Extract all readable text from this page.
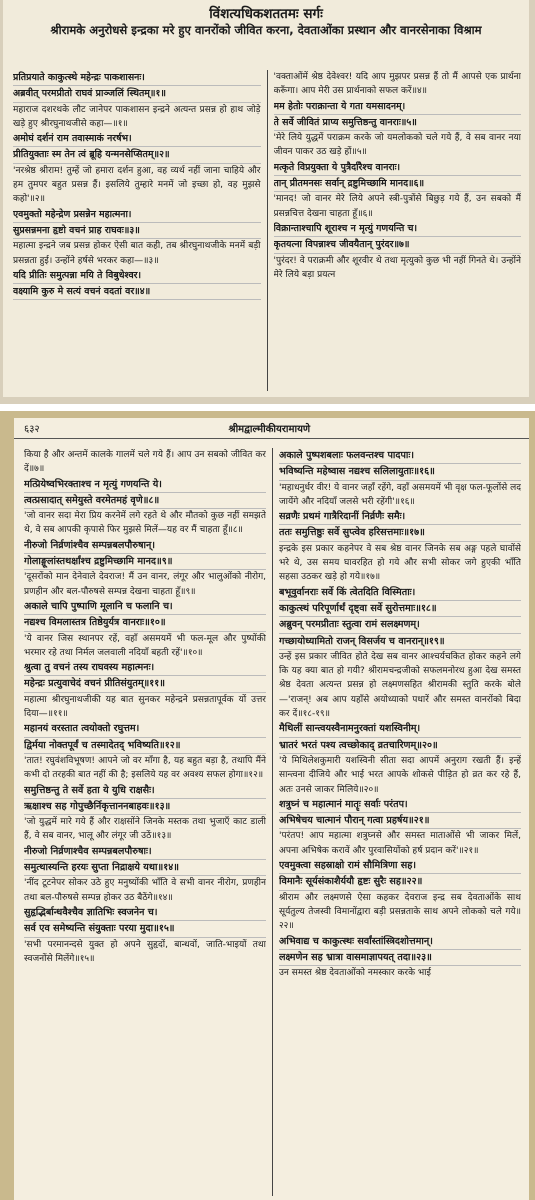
विंशत्यधिकशततमः सर्गः
श्रीरामके अनुरोधसे इन्द्रका मरे हुए वानरोंको जीवित करना, देवताओंका प्रस्थान और वानरसेनाका विश्राम

प्रतिप्रयाते काकुत्स्थे महेन्द्रः पाकशासनः।

अब्रवीत् परमप्रीतो राघवं प्राञ्जलिं स्थितम्॥१॥

महाराज दशरथके लौट जानेपर पाकशासन इन्द्रने अत्यन्त प्रसन्न हो हाथ जोड़े खड़े हुए श्रीरघुनाथजीसे कहा—॥१॥

अमोघं दर्शनं राम तवास्माकं नरर्षभ।

प्रीतियुक्ताः स्म तेन त्वं ब्रूहि यन्मनसेप्सितम्॥२॥

'नरश्रेष्ठ श्रीराम! तुम्हें जो हमारा दर्शन हुआ, वह व्यर्थ नहीं जाना चाहिये और हम तुमपर बहुत प्रसन्न हैं। इसलिये तुम्हारे मनमें जो इच्छा हो, वह मुझसे कहो'॥२॥

एवमुक्तो महेन्द्रेण प्रसन्नेन महात्मना।

सुप्रसन्नमना हृष्टो वचनं प्राह राघवः॥३॥

महात्मा इन्द्रने जब प्रसन्न होकर ऐसी बात कही, तब श्रीरघुनाथजीके मनमें बड़ी प्रसन्नता हुई। उन्होंने हर्षसे भरकर कहा—॥३॥

यदि प्रीतिः समुत्पन्ना मयि ते विबुधेश्वर।

वक्ष्यामि कुरु मे सत्यं वचनं वदतां वर॥४॥

'वक्ताओंमें श्रेष्ठ देवेश्वर! यदि आप मुझपर प्रसन्न हैं तो मैं आपसे एक प्रार्थना करूँगा। आप मेरी उस प्रार्थनाको सफल करें॥४॥

मम हेतोः पराक्रान्ता ये गता यमसादनम्।

ते सर्वे जीवितं प्राप्य समुत्तिष्ठन्तु वानराः॥५॥

'मेरे लिये युद्धमें पराक्रम करके जो यमलोकको चले गये हैं, वे सब वानर नया जीवन पाकर उठ खड़े हों॥५॥

मत्कृते विप्रयुक्ता ये पुत्रैर्दारैश्च वानराः।

तान् प्रीतमनसः सर्वान् द्रष्टुमिच्छामि मानद॥६॥

'मानद! जो वानर मेरे लिये अपने स्त्री-पुत्रोंसे बिछुड़ गये हैं, उन सबको मैं प्रसन्नचित्त देखना चाहता हूँ॥६॥

विक्रान्ताश्चापि शूराश्च न मृत्युं गणयन्ति च।

कृतयत्ना विपन्नाश्च जीवयैतान् पुरंदर॥७॥

'पुरंदर! वे पराक्रमी और शूरवीर थे तथा मृत्युको कुछ भी नहीं गिनते थे। उन्होंने मेरे लिये बड़ा प्रयत्न

६३२	श्रीमद्वाल्मीकीयरामायणे

किया है और अन्तमें कालके गालमें चले गये हैं। आप उन सबको जीवित कर दें॥७॥

मत्प्रियेष्वभिरक्ताश्च न मृत्युं गणयन्ति ये।

त्वत्प्रसादात् समेयुस्ते वरमेतमहं वृणे॥८॥

'जो वानर सदा मेरा प्रिय करनेमें लगे रहते थे और मौतको कुछ नहीं समझते थे, वे सब आपकी कृपासे फिर मुझसे मिलें—यह वर मैं चाहता हूँ॥८॥

नीरुजो निर्व्रणांश्चैव सम्पन्नबलपौरुषान्।

गोलाङ्गूलांस्तथर्क्षांश्च द्रष्टुमिच्छामि मानद॥९॥

'दूसरोंको मान देनेवाले देवराज! मैं उन वानर, लंगूर और भालुओंको नीरोग, प्रणहीन और बल-पौरुषसे सम्पन्न देखना चाहता हूँ॥९॥

अकाले चापि पुष्पाणि मूलानि च फलानि च।

नद्यश्च विमलास्तत्र तिष्ठेयुर्यत्र वानराः॥१०॥

'ये वानर जिस स्थानपर रहें, वहाँ असमयमें भी फल-मूल और पुष्पोंकी भरमार रहे तथा निर्मल जलवाली नदियाँ बहती रहें'॥१०॥

श्रुत्वा तु वचनं तस्य राघवस्य महात्मनः।

महेन्द्रः प्रत्युवाचेदं वचनं प्रीतिसंयुतम्॥११॥

महात्मा श्रीरघुनाथजीकी यह बात सुनकर महेन्द्रने प्रसन्नतापूर्वक यों उत्तर दिया—॥११॥

महानयं वरस्तात त्वयोक्तो रघुत्तम।

द्विर्मया नोक्तपूर्वं च तस्मादेतद् भविष्यति॥१२॥

'तात! रघुवंशविभूषण! आपने जो वर माँगा है, यह बहुत बड़ा है, तथापि मैंने कभी दो तरहकी बात नहीं की है; इसलिये यह वर अवश्य सफल होगा॥१२॥

समुत्तिष्ठन्तु ते सर्वे हता ये युधि राक्षसैः।

ऋक्षाश्च सह गोपुच्छैर्निकृत्ताननबाहवः॥१३॥

'जो युद्धमें मारे गये हैं और राक्षसोंने जिनके मस्तक तथा भुजाएँ काट डाली हैं, वे सब वानर, भालू और लंगूर जी उठें॥१३॥

नीरुजो निर्व्रणाश्चैव सम्पन्नबलपौरुषाः।

समुत्थास्यन्ति हरयः सुप्ता निद्राक्षये यथा॥१४॥

'नींद टूटनेपर सोकर उठे हुए मनुष्योंकी भाँति वे सभी वानर नीरोग, प्रणहीन तथा बल-पौरुषसे सम्पन्न होकर उठ बैठेंगे॥१४॥

सुहृद्भिर्बान्धवैश्चैव ज्ञातिभिः स्वजनेन च।

सर्व एव समेष्यन्ति संयुक्ताः परया मुदा॥१५॥

'सभी परमानन्दसे युक्त हो अपने सुहृदों, बान्धवों, जाति-भाइयों तथा स्वजनोंसे मिलेंगे॥१५॥

अकाले पुष्पशबलाः फलवन्तश्च पादपाः।

भविष्यन्ति महेष्वास नद्यश्च सलिलायुताः॥१६॥

'महाधनुर्धर वीर! ये वानर जहाँ रहेंगे, वहाँ असमयमें भी वृक्ष फल-फूलोंसे लद जायेंगे और नदियाँ जलसे भरी रहेंगी'॥१६॥

सव्रणैः प्रथमं गात्रैरिदानीं निर्व्रणैः समैः।

ततः समुत्तिष्ठुः सर्वे सुप्त्वेव हरिसत्तमाः॥१७॥

इन्द्रके इस प्रकार कहनेपर वे सब श्रेष्ठ वानर जिनके सब अङ्ग पहले घावोंसे भरे थे, उस समय घावरहित हो गये और सभी सोकर जगे हुएकी भाँति सहसा उठकर खड़े हो गये॥१७॥

बभूवुर्वानराः सर्वे किं त्वेतदिति विस्मिताः।

काकुत्स्थं परिपूर्णार्थं दृष्ट्वा सर्वे सुरोत्तमाः॥१८॥

अब्रुवन् परमप्रीताः स्तुत्वा रामं सलक्ष्मणम्।

गच्छायोध्यामितो राजन् विसर्जय च वानरान्॥१९॥

उन्हें इस प्रकार जीवित होते देख सब वानर आश्चर्यचकित होकर कहने लगे कि यह क्या बात हो गयी? श्रीरामचन्द्रजीको सफलमनोरथ हुआ देख समस्त श्रेष्ठ देवता अत्यन्त प्रसन्न हो लक्ष्मणसहित श्रीरामकी स्तुति करके बोले—'राजन्! अब आप यहाँसे अयोध्याको पधारें और समस्त वानरोंको बिदा कर दें॥१८-१९॥

मैथिलीं सान्त्वयस्वैनामनुरक्तां यशस्विनीम्।

भ्रातरं भरतं पश्य त्वच्छोकाद् व्रतचारिणम्॥२०॥

'ये मिथिलेशकुमारी यशस्विनी सीता सदा आपमें अनुराग रखती हैं। इन्हें सान्त्वना दीजिये और भाई भरत आपके शोकसे पीड़ित हो व्रत कर रहे हैं, अतः उनसे जाकर मिलिये॥२०॥

शत्रुघ्नं च महात्मानं मातॄः सर्वाः परंतप।

अभिषेचय चात्मानं पौरान् गत्वा प्रहर्षय॥२१॥

'परंतप! आप महात्मा शत्रुघ्नसे और समस्त माताओंसे भी जाकर मिलें, अपना अभिषेक करावें और पुरवासियोंको हर्ष प्रदान करें'॥२१॥

एवमुक्त्वा सहस्राक्षो रामं सौमित्रिणा सह।

विमानैः सूर्यसंकाशैर्ययौ हृष्टः सुरैः सह॥२२॥

श्रीराम और लक्ष्मणसे ऐसा कहकर देवराज इन्द्र सब देवताओंके साथ सूर्यतुल्य तेजस्वी विमानोंद्वारा बड़ी प्रसन्नताके साथ अपने लोकको चले गये॥२२॥

अभिवाद्य च काकुत्स्थः सर्वांस्तांस्त्रिदशोत्तमान्।

लक्ष्मणेन सह भ्रात्रा वासमाज्ञापयत् तदा॥२३॥

उन समस्त श्रेष्ठ देवताओंको नमस्कार करके भाई
